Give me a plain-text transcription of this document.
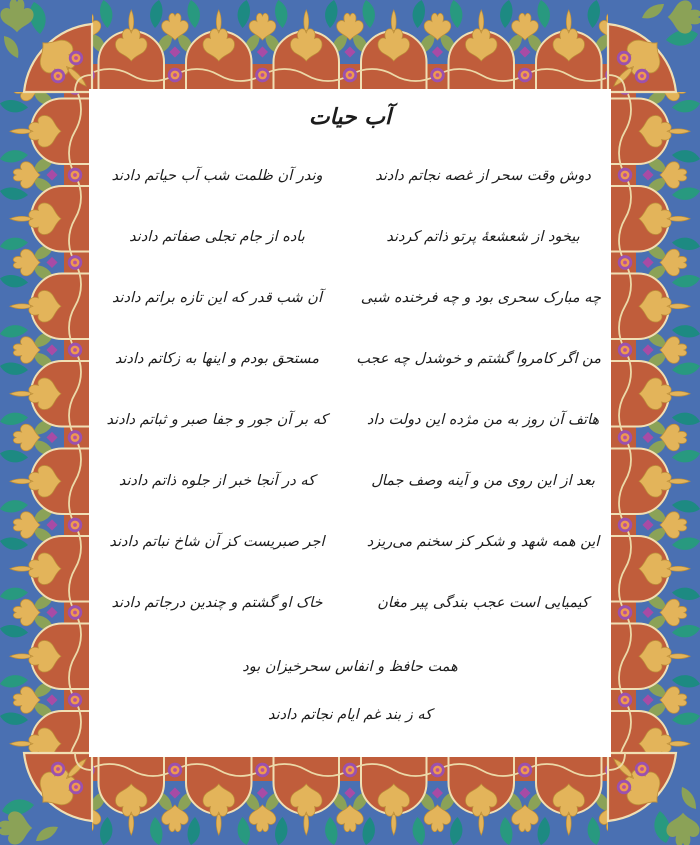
آب حیات
دوش وقت سحر از غصه نجاتم دادند
وندر آن ظلمت شب آب حیاتم دادند
بیخود از شعشعهٔ پرتو ذاتم کردند
باده از جام تجلی صفاتم دادند
چه مبارک سحری بود و چه فرخنده شبی
آن شب قدر که این تازه براتم دادند
من اگر کامروا گشتم و خوشدل چه عجب
مستحق بودم و اینها به زکاتم دادند
هاتف آن روز به من مژده این دولت داد
که بر آن جور و جفا صبر و ثباتم دادند
بعد از این روی من و آینه وصف جمال
که در آنجا خبر از جلوه ذاتم دادند
این همه شهد و شکر کز سخنم می‌ریزد
اجر صبریست کز آن شاخ نباتم دادند
کیمیایی است عجب بندگی پیر مغان
خاک او گشتم و چندین درجاتم دادند
همت حافظ و انفاس سحرخیزان بود
که ز بند غم ایام نجاتم دادند
